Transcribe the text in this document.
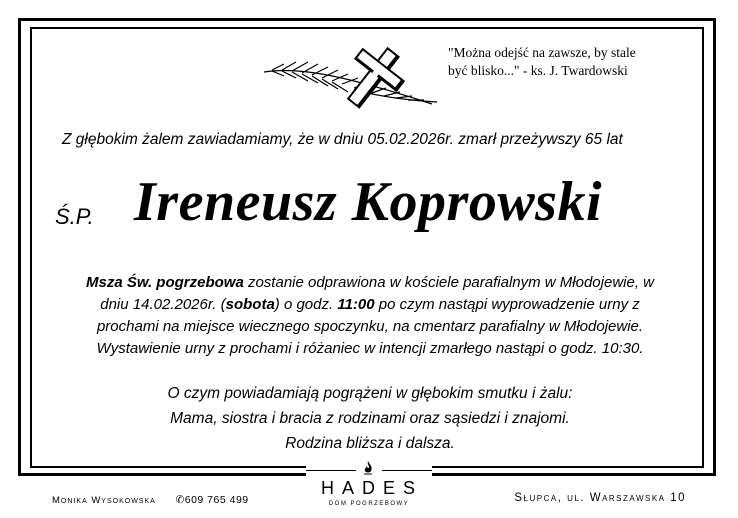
"Można odejść na zawsze, by stale
być blisko..." - ks. J. Twardowski
Z głębokim żalem zawiadamiamy, że w dniu 05.02.2026r. zmarł przeżywszy 65 lat
Ś.P. Ireneusz Koprowski
Msza Św. pogrzebowa zostanie odprawiona w kościele parafialnym w Młodojewie, w
dniu 14.02.2026r. (sobota) o godz. 11:00 po czym nastąpi wyprowadzenie urny z
prochami na miejsce wiecznego spoczynku, na cmentarz parafialny w Młodojewie.
Wystawienie urny z prochami i różaniec w intencji zmarłego nastąpi o godz. 10:30.
O czym powiadamiają pogrążeni w głębokim smutku i żalu:
Mama, siostra i bracia z rodzinami oraz sąsiedzi i znajomi.
Rodzina bliższa i dalsza.
Monika Wysokowska ✆609 765 499
HADES
DOM POGRZEBOWY	Słupca, ul. Warszawska 10
